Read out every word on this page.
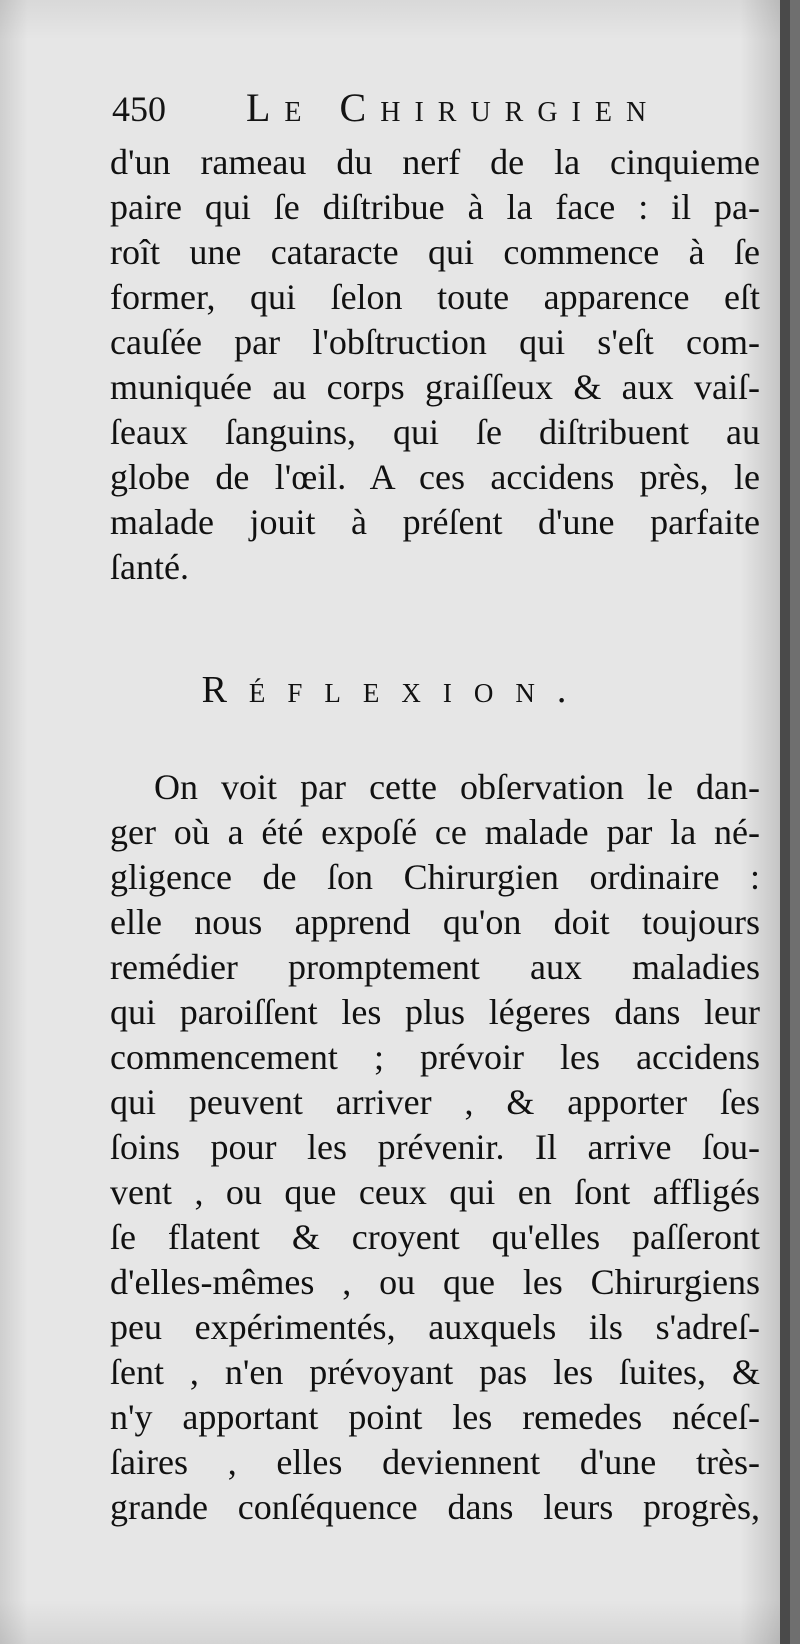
450 Le Chirurgien
d'un rameau du nerf de la cinquieme
paire qui ſe diſtribue à la face : il pa-
roît une cataracte qui commence à ſe
former, qui ſelon toute apparence eſt
cauſée par l'obſtruction qui s'eſt com-
muniquée au corps graiſſeux & aux vaiſ-
ſeaux ſanguins, qui ſe diſtribuent au
globe de l'œil. A ces accidens près, le
malade jouit à préſent d'une parfaite
ſanté.
Réflexion.
On voit par cette obſervation le dan-
ger où a été expoſé ce malade par la né-
gligence de ſon Chirurgien ordinaire :
elle nous apprend qu'on doit toujours
remédier promptement aux maladies
qui paroiſſent les plus légeres dans leur
commencement ; prévoir les accidens
qui peuvent arriver , & apporter ſes
ſoins pour les prévenir. Il arrive ſou-
vent , ou que ceux qui en ſont affligés
ſe flatent & croyent qu'elles paſſeront
d'elles-mêmes , ou que les Chirurgiens
peu expérimentés, auxquels ils s'adreſ-
ſent , n'en prévoyant pas les ſuites, &
n'y apportant point les remedes néceſ-
ſaires , elles deviennent d'une très-
grande conſéquence dans leurs progrès,
